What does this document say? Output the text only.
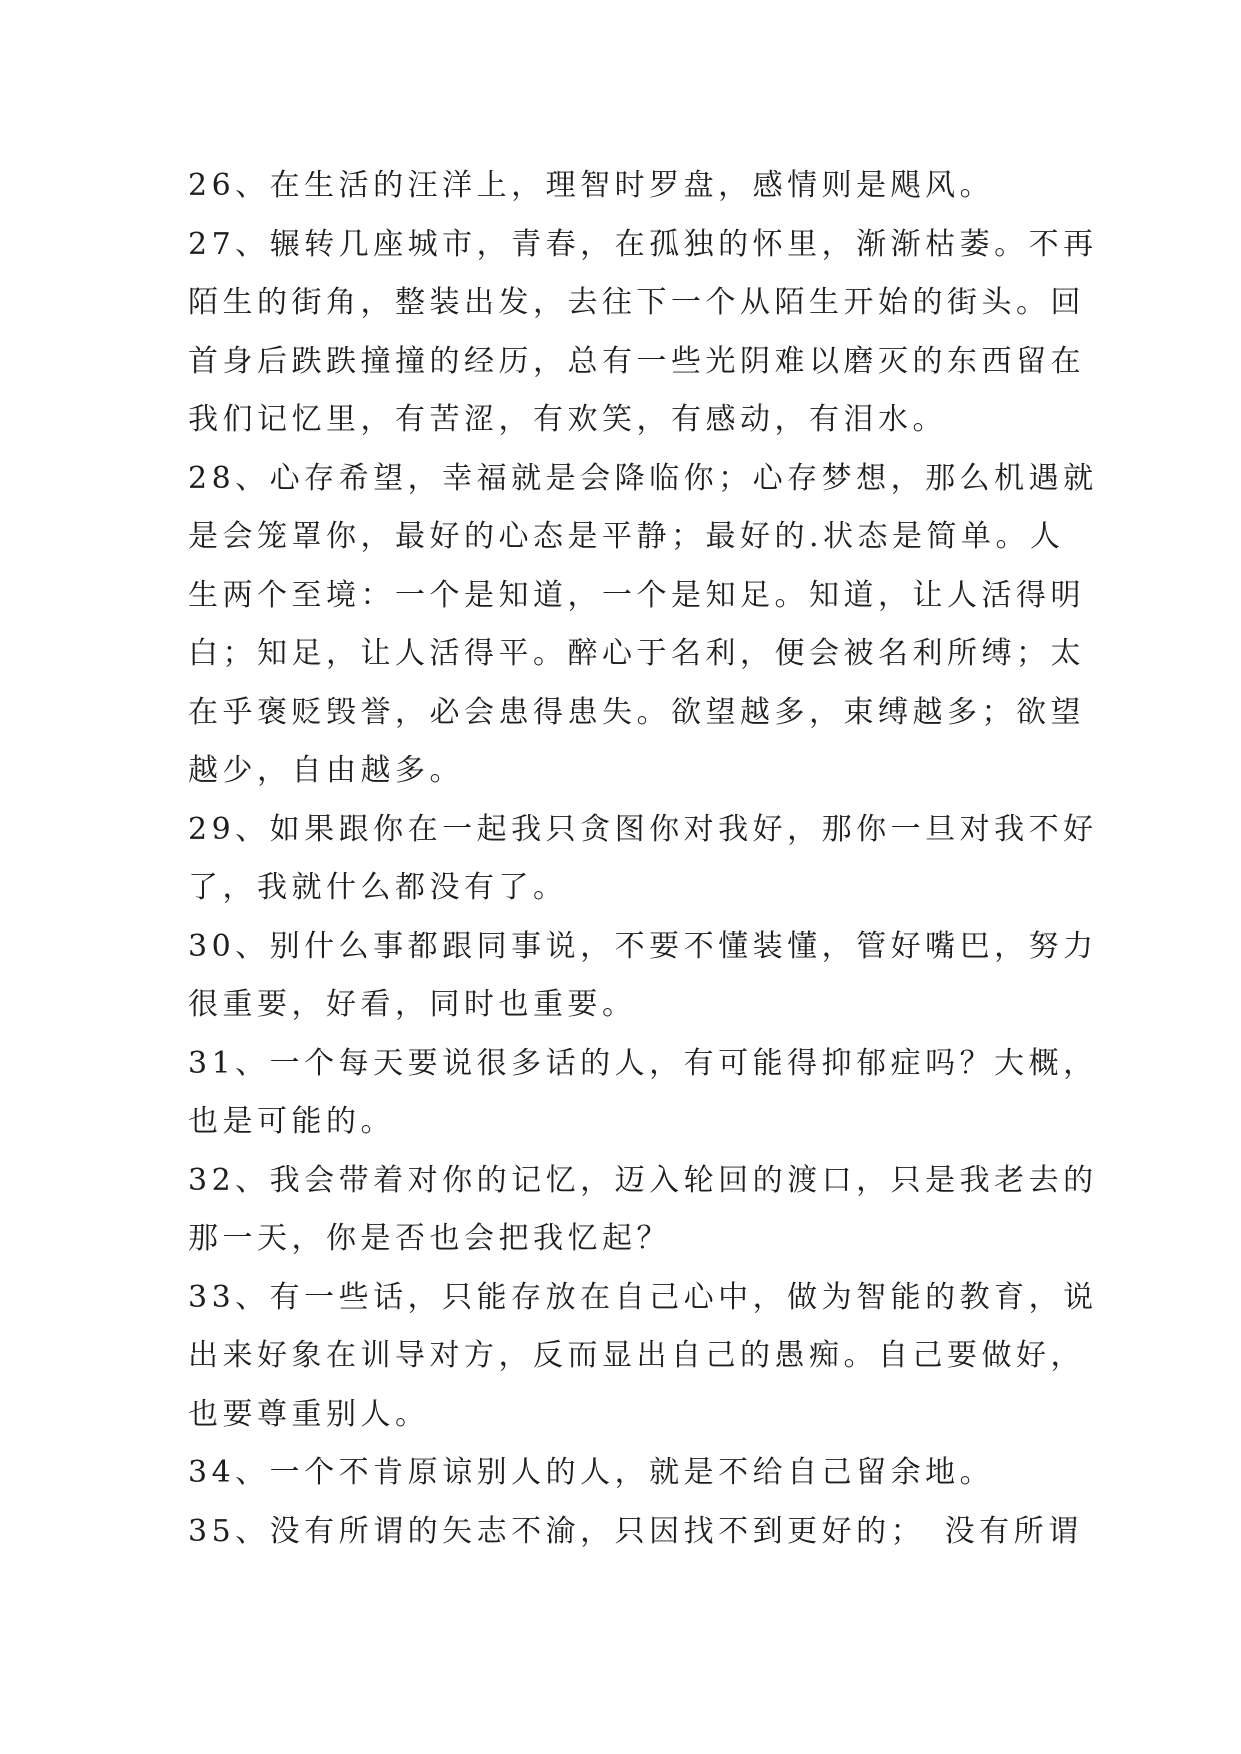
26、在生活的汪洋上，理智时罗盘，感情则是飓风。
27、辗转几座城市，青春，在孤独的怀里，渐渐枯萎。不再
陌生的街角，整装出发，去往下一个从陌生开始的街头。回
首身后跌跌撞撞的经历，总有一些光阴难以磨灭的东西留在
我们记忆里，有苦涩，有欢笑，有感动，有泪水。
28、心存希望，幸福就是会降临你；心存梦想，那么机遇就
是会笼罩你，最好的心态是平静；最好的.状态是简单。人
生两个至境：一个是知道，一个是知足。知道，让人活得明
白；知足，让人活得平。醉心于名利，便会被名利所缚；太
在乎褒贬毁誉，必会患得患失。欲望越多，束缚越多；欲望
越少，自由越多。
29、如果跟你在一起我只贪图你对我好，那你一旦对我不好
了，我就什么都没有了。
30、别什么事都跟同事说，不要不懂装懂，管好嘴巴，努力
很重要，好看，同时也重要。
31、一个每天要说很多话的人，有可能得抑郁症吗？大概，
也是可能的。
32、我会带着对你的记忆，迈入轮回的渡口，只是我老去的
那一天，你是否也会把我忆起？
33、有一些话，只能存放在自己心中，做为智能的教育，说
出来好象在训导对方，反而显出自己的愚痴。自己要做好，
也要尊重别人。
34、一个不肯原谅别人的人，就是不给自己留余地。
35、没有所谓的矢志不渝，只因找不到更好的；　没有所谓
